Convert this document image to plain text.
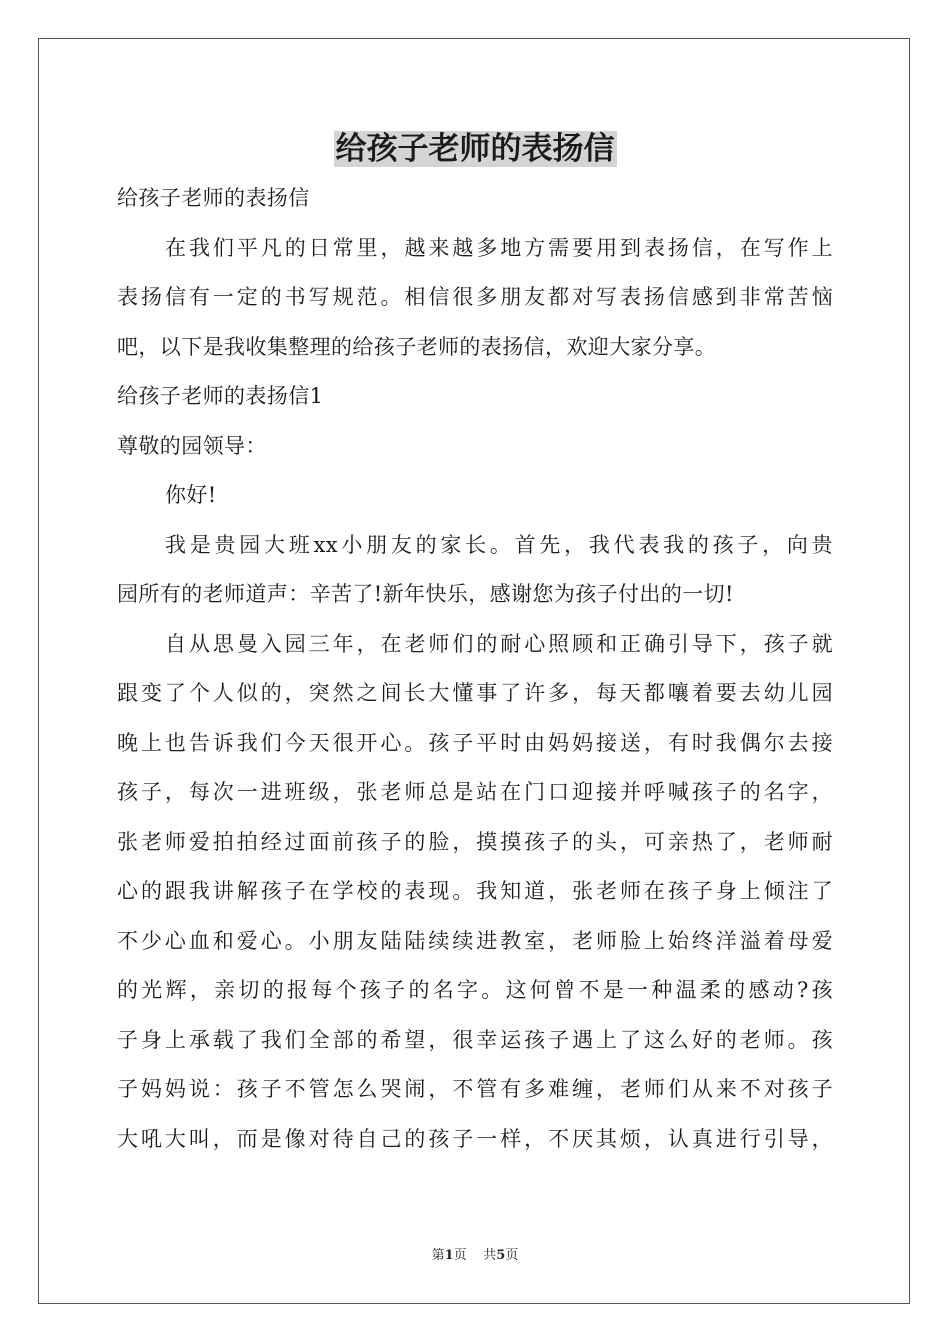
给孩子老师的表扬信

给孩子老师的表扬信

在我们平凡的日常里，越来越多地方需要用到表扬信，在写作上

表扬信有一定的书写规范。相信很多朋友都对写表扬信感到非常苦恼

吧，以下是我收集整理的给孩子老师的表扬信，欢迎大家分享。

给孩子老师的表扬信1

尊敬的园领导：

你好!

我是贵园大班xx小朋友的家长。首先，我代表我的孩子，向贵

园所有的老师道声：辛苦了!新年快乐，感谢您为孩子付出的一切!

自从思曼入园三年，在老师们的耐心照顾和正确引导下，孩子就

跟变了个人似的，突然之间长大懂事了许多，每天都嚷着要去幼儿园

晚上也告诉我们今天很开心。孩子平时由妈妈接送，有时我偶尔去接

孩子，每次一进班级，张老师总是站在门口迎接并呼喊孩子的名字，

张老师爱拍拍经过面前孩子的脸，摸摸孩子的头，可亲热了，老师耐

心的跟我讲解孩子在学校的表现。我知道，张老师在孩子身上倾注了

不少心血和爱心。小朋友陆陆续续进教室，老师脸上始终洋溢着母爱

的光辉，亲切的报每个孩子的名字。这何曾不是一种温柔的感动?孩

子身上承载了我们全部的希望，很幸运孩子遇上了这么好的老师。孩

子妈妈说：孩子不管怎么哭闹，不管有多难缠，老师们从来不对孩子

大吼大叫，而是像对待自己的孩子一样，不厌其烦，认真进行引导，

第1页 共5页
